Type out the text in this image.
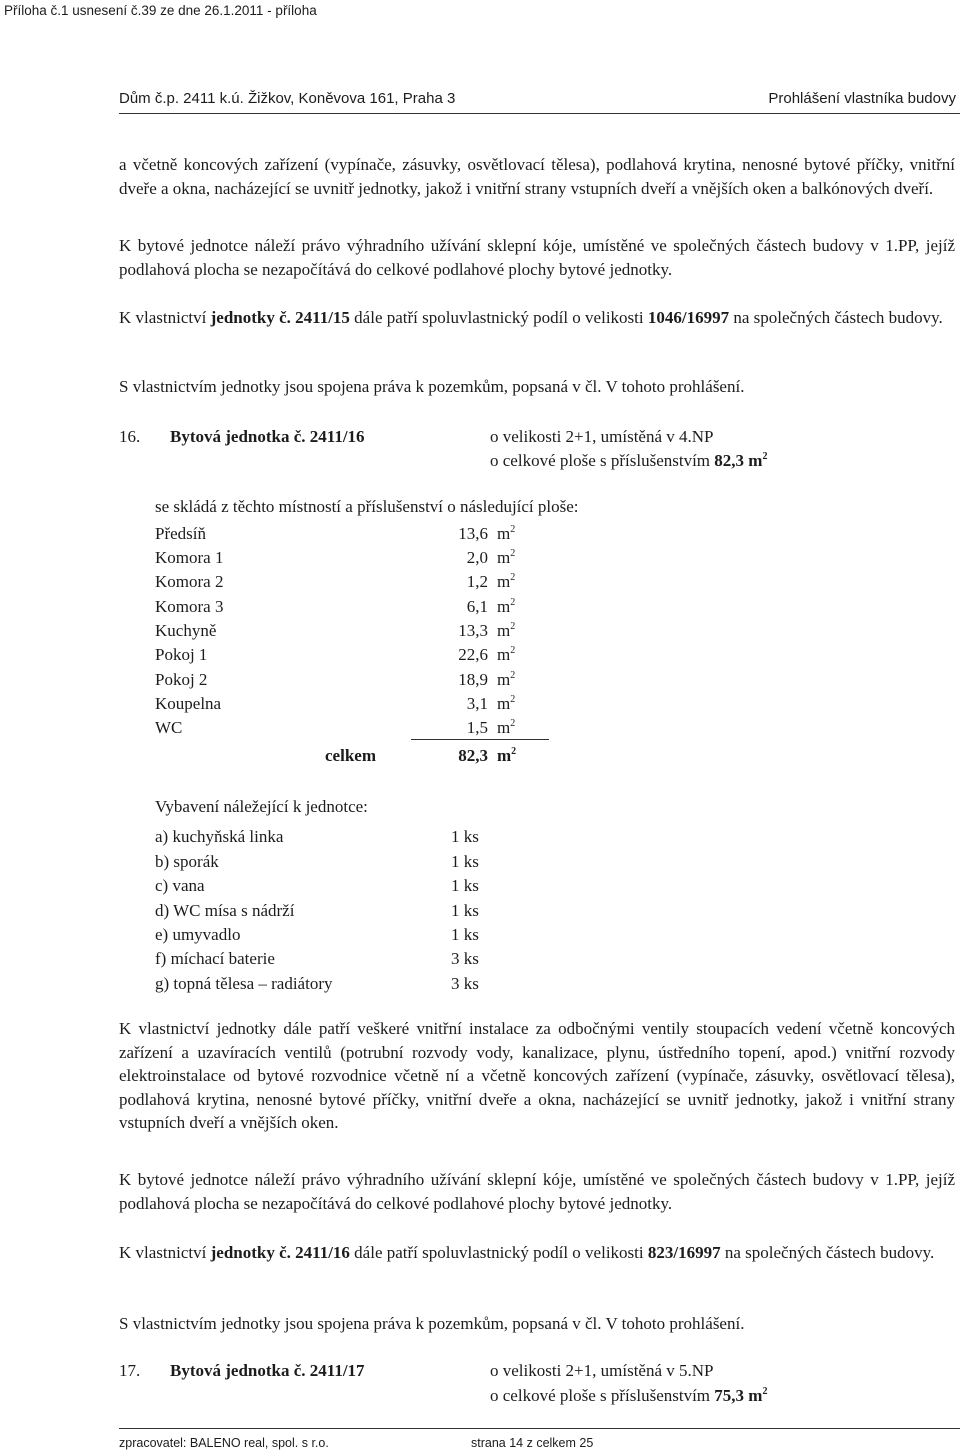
Příloha č.1 usnesení č.39 ze dne 26.1.2011 - příloha
Dům č.p. 2411 k.ú. Žižkov, Koněvova 161, Praha 3	Prohlášení vlastníka budovy
a včetně koncových zařízení (vypínače, zásuvky, osvětlovací tělesa), podlahová krytina, nenosné bytové příčky, vnitřní dveře a okna, nacházející se uvnitř jednotky, jakož i vnitřní strany vstupních dveří a vnějších oken a balkónových dveří.
K bytové jednotce náleží právo výhradního užívání sklepní kóje, umístěné ve společných částech budovy v 1.PP, jejíž podlahová plocha se nezapočítává do celkové podlahové plochy bytové jednotky.
K vlastnictví jednotky č. 2411/15 dále patří spoluvlastnický podíl o velikosti 1046/16997 na společných částech budovy.
S vlastnictvím jednotky jsou spojena práva k pozemkům, popsaná v čl. V tohoto prohlášení.
16. Bytová jednotka č. 2411/16	o velikosti 2+1, umístěná v 4.NP
o celkové ploše s příslušenstvím 82,3 $m^2$
se skládá z těchto místností a příslušenství o následující ploše:
Předsíň	13,6 $m^2$
Komora 1	2,0 $m^2$
Komora 2	1,2 $m^2$
Komora 3	6,1 $m^2$
Kuchyně	13,3 $m^2$
Pokoj 1	22,6 $m^2$
Pokoj 2	18,9 $m^2$
Koupelna	3,1 $m^2$
WC	1,5 $m^2$
celkem	82,3 $m^2$
Vybavení náležející k jednotce:
a) kuchyňská linka	1 ks
b) sporák	1 ks
c) vana	1 ks
d) WC mísa s nádrží	1 ks
e) umyvadlo	1 ks
f) míchací baterie	3 ks
g) topná tělesa – radiátory	3 ks
K vlastnictví jednotky dále patří veškeré vnitřní instalace za odbočnými ventily stoupacích vedení včetně koncových zařízení a uzavíracích ventilů (potrubní rozvody vody, kanalizace, plynu, ústředního topení, apod.) vnitřní rozvody elektroinstalace od bytové rozvodnice včetně ní a včetně koncových zařízení (vypínače, zásuvky, osvětlovací tělesa), podlahová krytina, nenosné bytové příčky, vnitřní dveře a okna, nacházející se uvnitř jednotky, jakož i vnitřní strany vstupních dveří a vnějších oken.
K bytové jednotce náleží právo výhradního užívání sklepní kóje, umístěné ve společných částech budovy v 1.PP, jejíž podlahová plocha se nezapočítává do celkové podlahové plochy bytové jednotky.
K vlastnictví jednotky č. 2411/16 dále patří spoluvlastnický podíl o velikosti 823/16997 na společných částech budovy.
S vlastnictvím jednotky jsou spojena práva k pozemkům, popsaná v čl. V tohoto prohlášení.
17. Bytová jednotka č. 2411/17	o velikosti 2+1, umístěná v 5.NP
o celkové ploše s příslušenstvím 75,3 $m^2$
zpracovatel: BALENO real, spol. s r.o.	strana 14 z celkem 25
